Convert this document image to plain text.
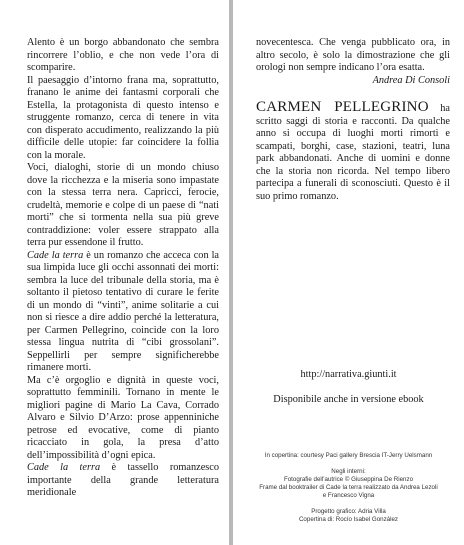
Alento è un borgo abbandonato che sembra rincorrere l’oblio, e che non vede l’ora di scomparire.

Il paesaggio d’intorno frana ma, soprattutto, franano le anime dei fantasmi corporali che Estella, la protagonista di questo intenso e struggente romanzo, cerca di tenere in vita con disperato accudimento, realizzando la più difficile delle utopie: far coincidere la follia con la morale.

Voci, dialoghi, storie di un mondo chiuso dove la ricchezza e la miseria sono impastate con la stessa terra nera. Capricci, ferocie, crudeltà, memorie e colpe di un paese di “nati morti” che si tormenta nella sua più greve contraddizione: voler essere strappato alla terra pur essendone il frutto.

Cade la terra è un romanzo che acceca con la sua limpida luce gli occhi assonnati dei morti: sembra la luce del tribunale della storia, ma è soltanto il pietoso tentativo di curare le ferite di un mondo di “vinti”, anime solitarie a cui non si riesce a dire addio perché la letteratura, per Carmen Pellegrino, coincide con la loro stessa lingua nutrita di “cibi grossolani”. Seppellirli per sempre significherebbe rimanere morti.

Ma c’è orgoglio e dignità in queste voci, soprattutto femminili. Tornano in mente le migliori pagine di Mario La Cava, Corrado Alvaro e Silvio D’Arzo: prose appenniniche petrose ed evocative, come di pianto ricacciato in gola, la presa d’atto dell’impossibilità d’ogni epica.

Cade la terra è tassello romanzesco importante della grande letteratura meridionale

novecentesca. Che venga pubblicato ora, in altro secolo, è solo la dimostrazione che gli orologi non sempre indicano l’ora esatta.

Andrea Di Consoli

CARMEN PELLEGRINO ha scritto saggi di storia e racconti. Da qualche anno si occupa di luoghi morti rimorti e scampati, borghi, case, stazioni, teatri, luna park abbandonati. Anche di uomini e donne che la storia non ricorda. Nel tempo libero partecipa a funerali di sconosciuti. Questo è il suo primo romanzo.

http://narrativa.giunti.it
Disponibile anche in versione ebook
In copertina: courtesy Paci gallery Brescia IT-Jerry Uelsmann
Negli interni:
Fotografie dell’autrice © Giuseppina De Rienzo
Frame dal booktrailer di Cade la terra realizzato da Andrea Lezoli
e Francesco Vigna
Progetto grafico: Adria Villa
Copertina di: Rocío Isabel González
